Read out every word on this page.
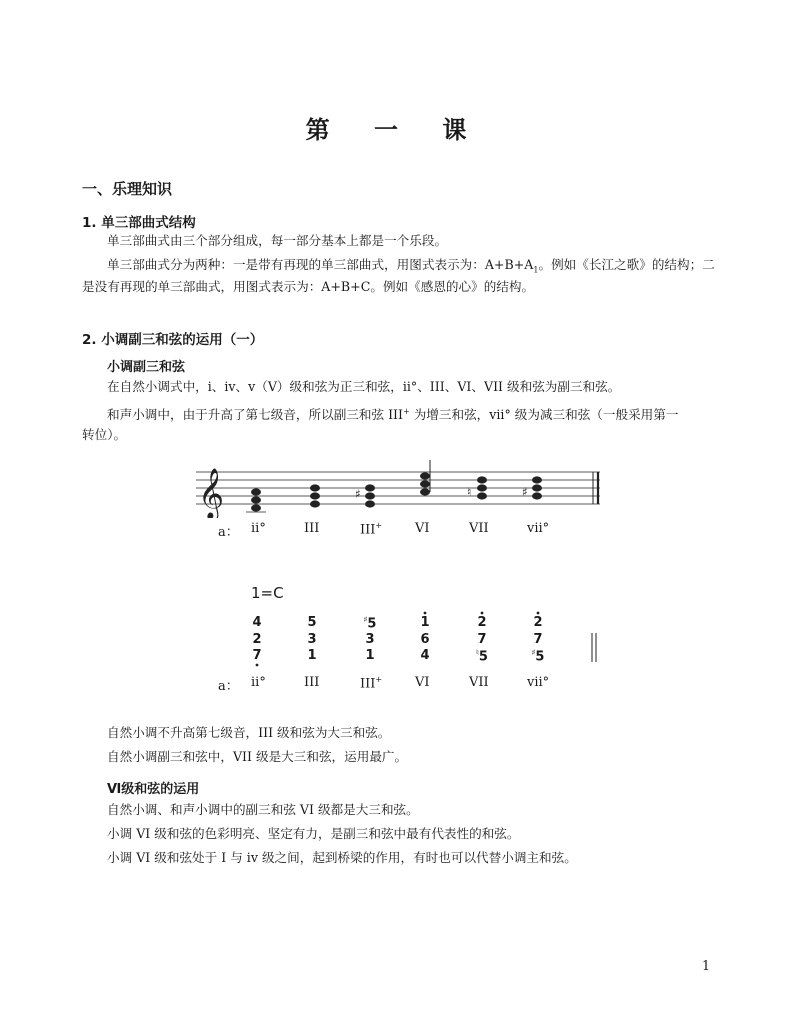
第 一 课
一、乐理知识
1. 单三部曲式结构
单三部曲式由三个部分组成，每一部分基本上都是一个乐段。
单三部曲式分为两种：一是带有再现的单三部曲式，用图式表示为：$A+B+A_1$。例如《长江之歌》的结构；二
是没有再现的单三部曲式，用图式表示为：A+B+C。例如《感恩的心》的结构。
2. 小调副三和弦的运用（一）
小调副三和弦
在自然小调式中，i、iv、v（V）级和弦为正三和弦，ii°、III、VI、VII 级和弦为副三和弦。
和声小调中，由于升高了第七级音，所以副三和弦 III+ 为增三和弦，vii° 级为减三和弦（一般采用第一
转位）。
𝄞	♯	♮	♯
a： ii°	III	III+	VI	VII	vii°
1=C
4
2
7
5
3
1
♯5
3
1
1
6
4
2
7
♮5
2
7
♯5
a： ii°	III	III+	VI	VII	vii°
自然小调不升高第七级音，III 级和弦为大三和弦。
自然小调副三和弦中，VII 级是大三和弦，运用最广。
Ⅵ级和弦的运用
自然小调、和声小调中的副三和弦 VI 级都是大三和弦。
小调 VI 级和弦的色彩明亮、坚定有力，是副三和弦中最有代表性的和弦。
小调 VI 级和弦处于 I 与 iv 级之间，起到桥梁的作用，有时也可以代替小调主和弦。
1
